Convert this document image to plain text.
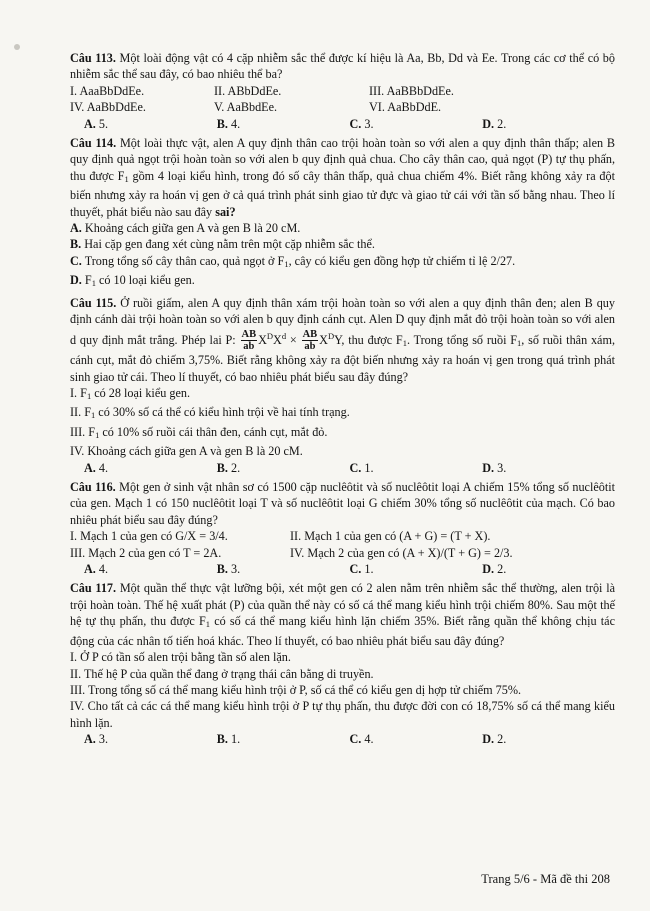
Câu 113. Một loài động vật có 4 cặp nhiễm sắc thể được kí hiệu là Aa, Bb, Dd và Ee. Trong các cơ thể có bộ nhiễm sắc thể sau đây, có bao nhiêu thể ba?
I. AaaBbDdEe.	II. ABbDdEe.	III. AaBBbDdEe.
IV. AaBbDdEe.	V. AaBbdEe.	VI. AaBbDdE.
A. 5.	B. 4.	C. 3.	D. 2.
Câu 114. Một loài thực vật, alen A quy định thân cao trội hoàn toàn so với alen a quy định thân thấp; alen B quy định quả ngọt trội hoàn toàn so với alen b quy định quả chua. Cho cây thân cao, quả ngọt (P) tự thụ phấn, thu được $F_1$ gồm 4 loại kiểu hình, trong đó số cây thân thấp, quả chua chiếm 4%. Biết rằng không xảy ra đột biến nhưng xảy ra hoán vị gen ở cả quá trình phát sinh giao tử đực và giao tử cái với tần số bằng nhau. Theo lí thuyết, phát biểu nào sau đây sai?
A. Khoảng cách giữa gen A và gen B là 20 cM.
B. Hai cặp gen đang xét cùng nằm trên một cặp nhiễm sắc thể.
C. Trong tổng số cây thân cao, quả ngọt ở $F_1$, cây có kiểu gen đồng hợp tử chiếm tỉ lệ 2/27.
D. $F_1$ có 10 loại kiểu gen.
Câu 115. Ở ruồi giấm, alen A quy định thân xám trội hoàn toàn so với alen a quy định thân đen; alen B quy định cánh dài trội hoàn toàn so với alen b quy định cánh cụt. Alen D quy định mắt đỏ trội hoàn toàn so với alen d quy định mắt trắng. Phép lai P: $\frac{AB}{ab} X^DX^d \times \frac{AB}{ab} X^DY$, thu được $F_1$. Trong tổng số ruồi $F_1$, số ruồi thân xám, cánh cụt, mắt đỏ chiếm 3,75%. Biết rằng không xảy ra đột biến nhưng xảy ra hoán vị gen trong quá trình phát sinh giao tử cái. Theo lí thuyết, có bao nhiêu phát biểu sau đây đúng?
I. $F_1$ có 28 loại kiểu gen.
II. $F_1$ có 30% số cá thể có kiểu hình trội về hai tính trạng.
III. $F_1$ có 10% số ruồi cái thân đen, cánh cụt, mắt đỏ.
IV. Khoảng cách giữa gen A và gen B là 20 cM.
A. 4.	B. 2.	C. 1.	D. 3.
Câu 116. Một gen ở sinh vật nhân sơ có 1500 cặp nuclêôtit và số nuclêôtit loại A chiếm 15% tổng số nuclêôtit của gen. Mạch 1 có 150 nuclêôtit loại T và số nuclêôtit loại G chiếm 30% tổng số nuclêôtit của mạch. Có bao nhiêu phát biểu sau đây đúng?
I. Mạch 1 của gen có G/X = 3/4.	II. Mạch 1 của gen có (A + G) = (T + X).
III. Mạch 2 của gen có T = 2A.	IV. Mạch 2 của gen có (A + X)/(T + G) = 2/3.
A. 4.	B. 3.	C. 1.	D. 2.
Câu 117. Một quần thể thực vật lưỡng bội, xét một gen có 2 alen nằm trên nhiễm sắc thể thường, alen trội là trội hoàn toàn. Thế hệ xuất phát (P) của quần thể này có số cá thể mang kiểu hình trội chiếm 80%. Sau một thế hệ tự thụ phấn, thu được $F_1$ có số cá thể mang kiểu hình lặn chiếm 35%. Biết rằng quần thể không chịu tác động của các nhân tố tiến hoá khác. Theo lí thuyết, có bao nhiêu phát biểu sau đây đúng?
I. Ở P có tần số alen trội bằng tần số alen lặn.
II. Thế hệ P của quần thể đang ở trạng thái cân bằng di truyền.
III. Trong tổng số cá thể mang kiểu hình trội ở P, số cá thể có kiểu gen dị hợp tử chiếm 75%.
IV. Cho tất cả các cá thể mang kiểu hình trội ở P tự thụ phấn, thu được đời con có 18,75% số cá thể mang kiểu hình lặn.
A. 3.	B. 1.	C. 4.	D. 2.
Trang 5/6 - Mã đề thi 208
